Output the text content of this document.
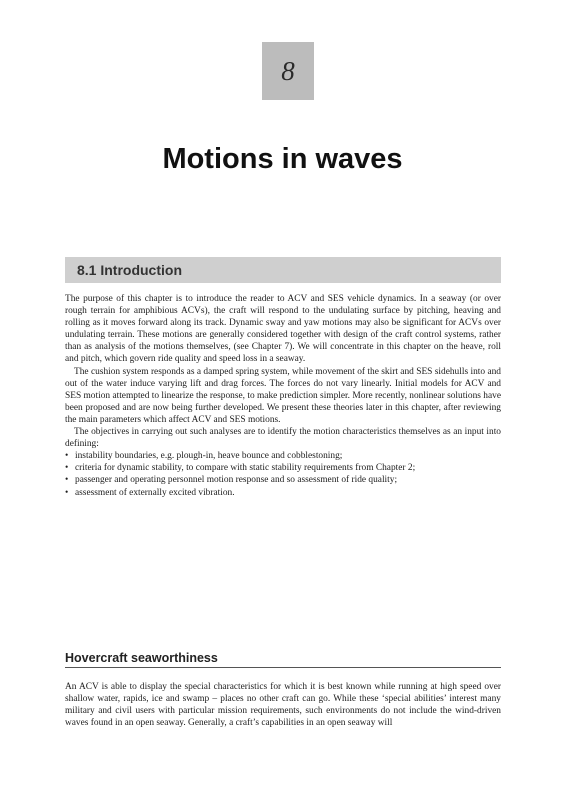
8
Motions in waves
8.1 Introduction

The purpose of this chapter is to introduce the reader to ACV and SES vehicle dynamics. In a seaway (or over rough terrain for amphibious ACVs), the craft will respond to the undulating surface by pitching, heaving and rolling as it moves forward along its track. Dynamic sway and yaw motions may also be significant for ACVs over undulating terrain. These motions are generally considered together with design of the craft control systems, rather than as analysis of the motions themselves, (see Chapter 7). We will concentrate in this chapter on the heave, roll and pitch, which govern ride quality and speed loss in a seaway.

The cushion system responds as a damped spring system, while movement of the skirt and SES sidehulls into and out of the water induce varying lift and drag forces. The forces do not vary linearly. Initial models for ACV and SES motion attempted to linearize the response, to make prediction simpler. More recently, nonlinear solutions have been proposed and are now being further developed. We present these theories later in this chapter, after reviewing the main parameters which affect ACV and SES motions.

The objectives in carrying out such analyses are to identify the motion characteristics themselves as an input into defining:

• instability boundaries, e.g. plough-in, heave bounce and cobblestoning;
• criteria for dynamic stability, to compare with static stability requirements from Chapter 2;
• passenger and operating personnel motion response and so assessment of ride quality;
• assessment of externally excited vibration.
Hovercraft seaworthiness

An ACV is able to display the special characteristics for which it is best known while running at high speed over shallow water, rapids, ice and swamp – places no other craft can go. While these ‘special abilities’ interest many military and civil users with particular mission requirements, such environments do not include the wind-driven waves found in an open seaway. Generally, a craft’s capabilities in an open seaway will
